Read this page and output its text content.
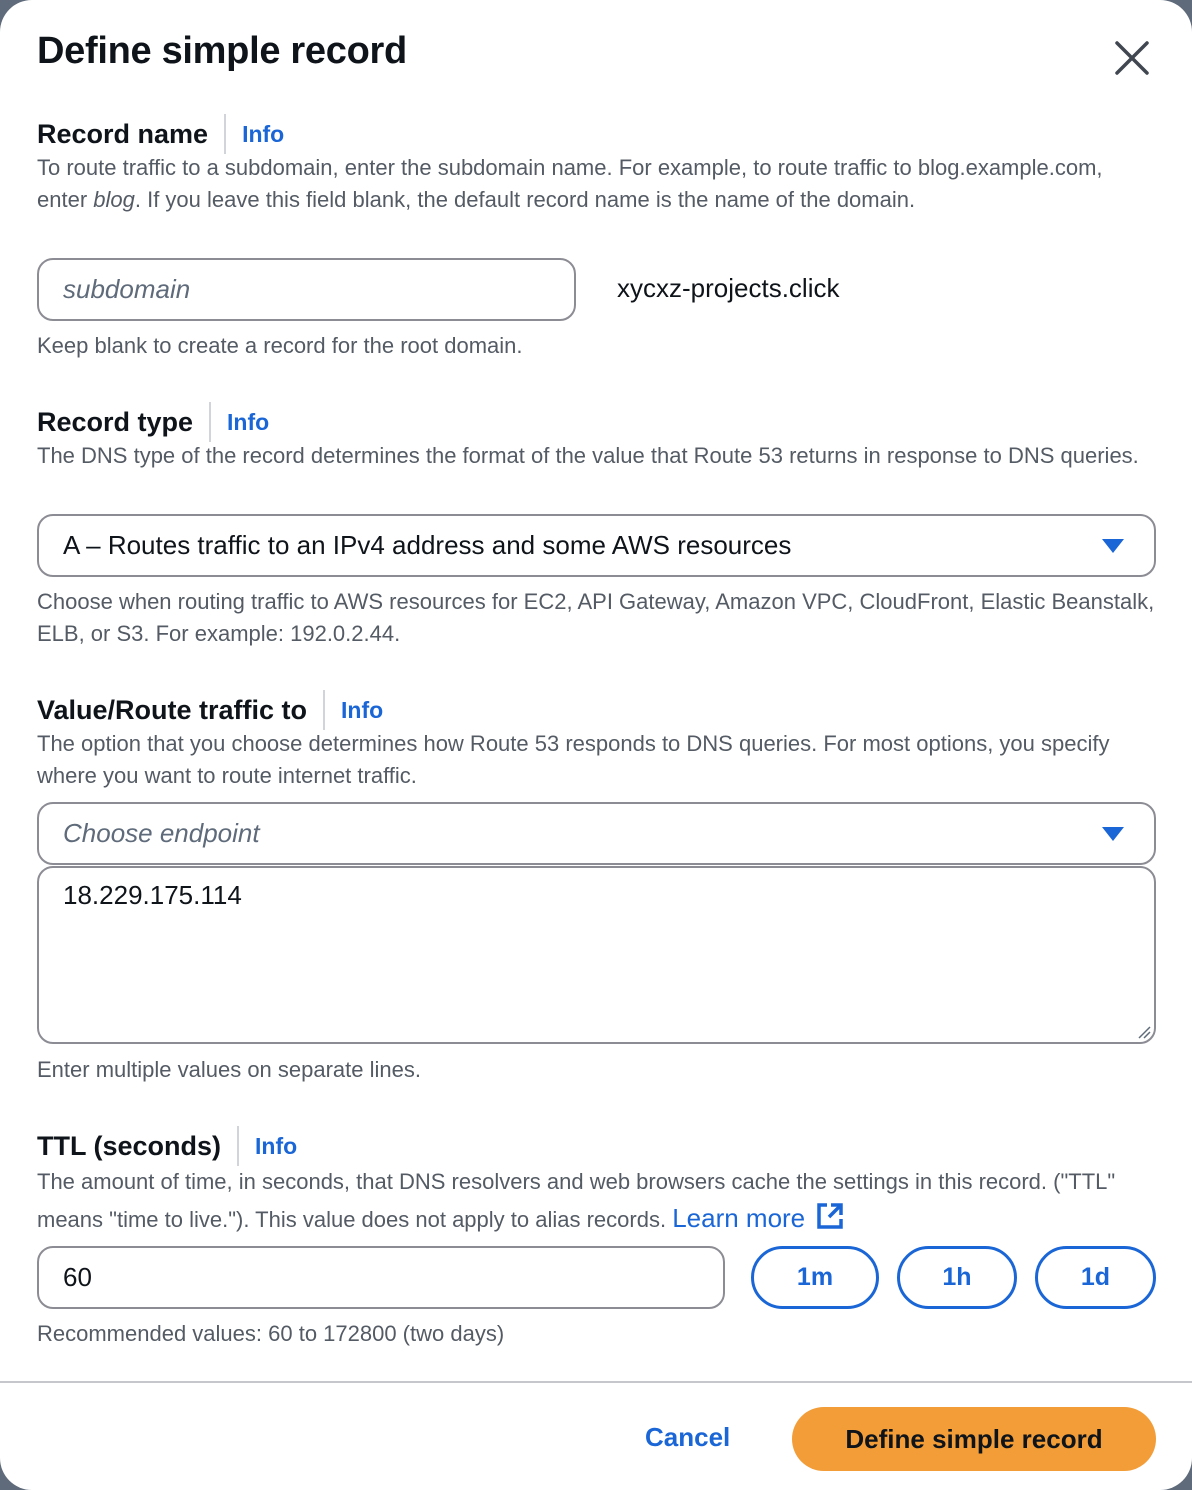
Define simple record
Record name Info
To route traffic to a subdomain, enter the subdomain name. For example, to route traffic to blog.example.com, enter blog. If you leave this field blank, the default record name is the name of the domain.
subdomain	xycxz-projects.click
Keep blank to create a record for the root domain.
Record type Info
The DNS type of the record determines the format of the value that Route 53 returns in response to DNS queries.
A – Routes traffic to an IPv4 address and some AWS resources
Choose when routing traffic to AWS resources for EC2, API Gateway, Amazon VPC, CloudFront, Elastic Beanstalk, ELB, or S3. For example: 192.0.2.44.
Value/Route traffic to Info
The option that you choose determines how Route 53 responds to DNS queries. For most options, you specify where you want to route internet traffic.
Choose endpoint
18.229.175.114
Enter multiple values on separate lines.
TTL (seconds) Info
The amount of time, in seconds, that DNS resolvers and web browsers cache the settings in this record. ("TTL" means "time to live."). This value does not apply to alias records. Learn more
60	1m	1h	1d
Recommended values: 60 to 172800 (two days)
Cancel	Define simple record
